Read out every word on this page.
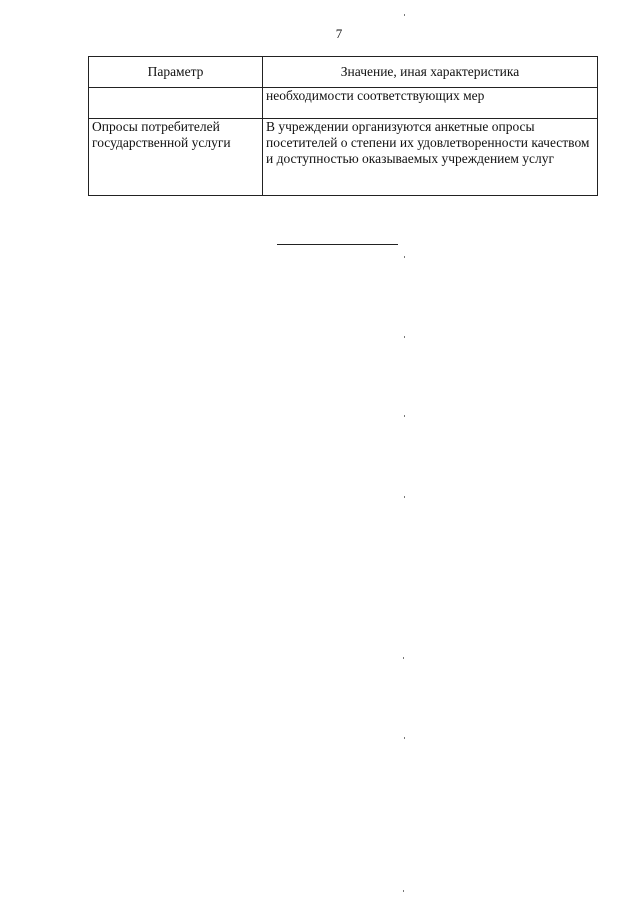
7
Параметр	Значение, иная характеристика
	необходимости соответствующих мер
Опросы потребителей государственной услуги	В учреждении организуются анкетные опросы посетителей о степени их удовлетворенности качеством и доступностью оказываемых учреждением услуг
